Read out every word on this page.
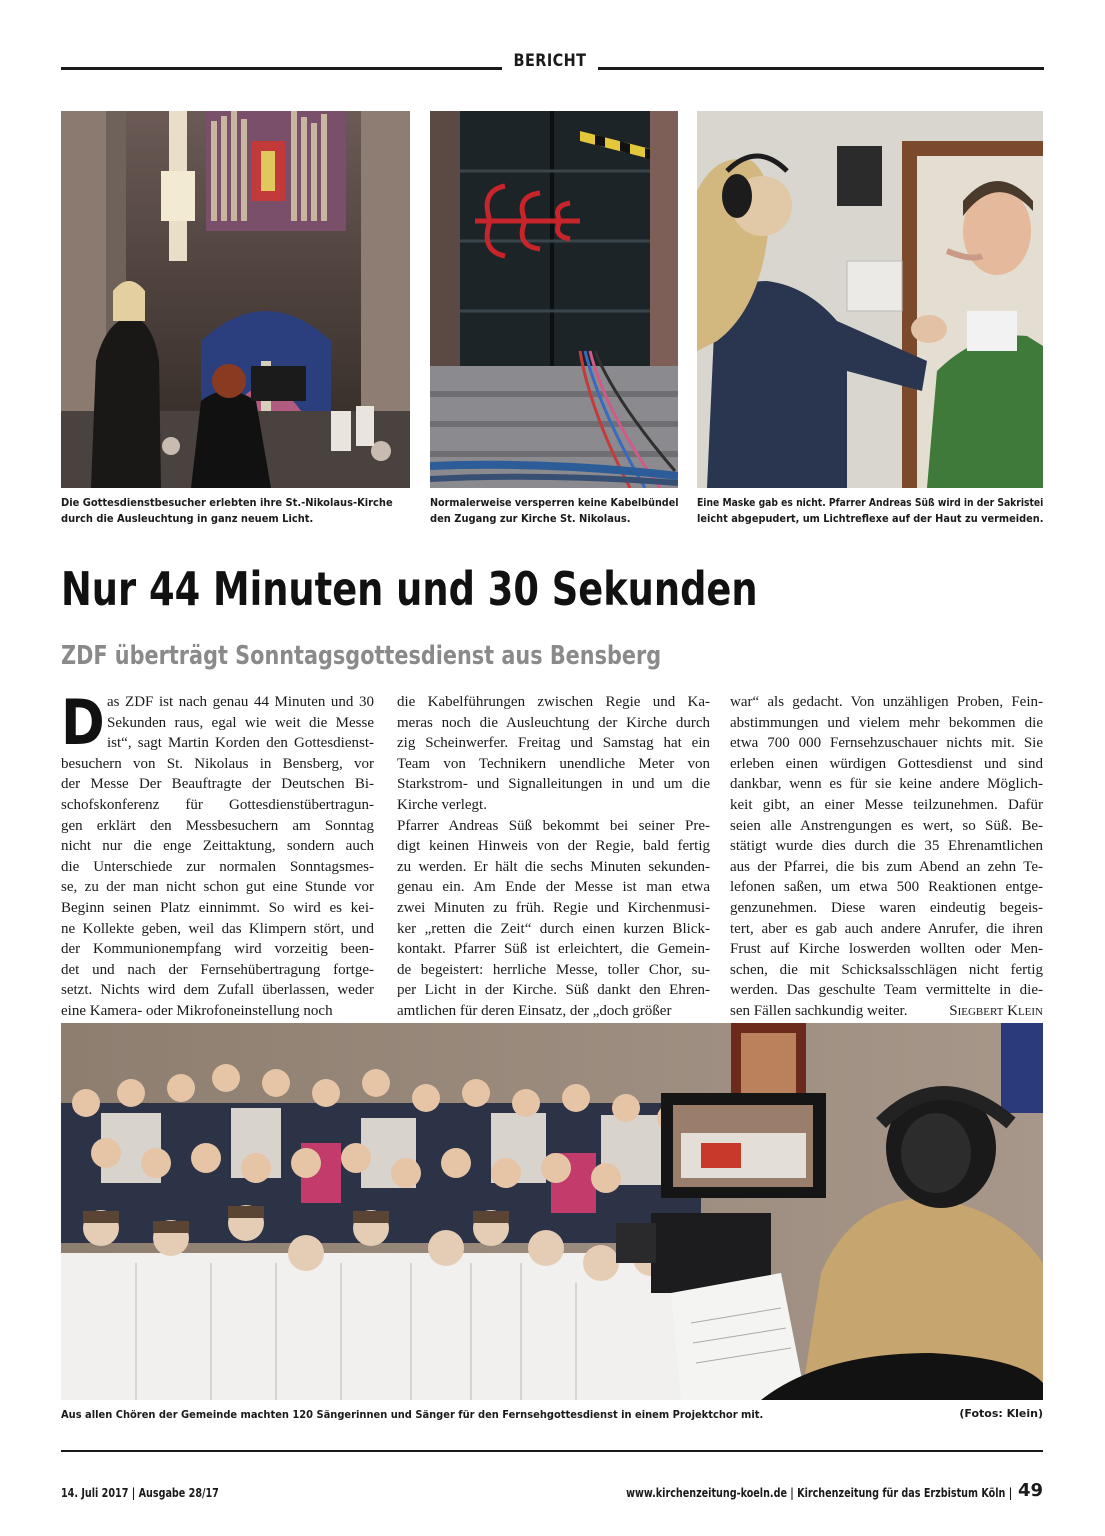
BERICHT
Die Gottesdienstbesucher erlebten ihre St.-Nikolaus-Kirche
durch die Ausleuchtung in ganz neuem Licht.
Normalerweise versperren keine Kabelbündel
den Zugang zur Kirche St. Nikolaus.
Eine Maske gab es nicht. Pfarrer Andreas Süß wird in der Sakristei
leicht abgepudert, um Lichtreflexe auf der Haut zu vermeiden.
Nur 44 Minuten und 30 Sekunden
ZDF überträgt Sonntagsgottesdienst aus Bensberg
D as ZDF ist nach genau 44 Minuten und 30
Sekunden raus, egal wie weit die Messe
ist“, sagt Martin Korden den Gottesdienst-
besuchern von St. Nikolaus in Bensberg, vor
der Messe Der Beauftragte der Deutschen Bi-
schofskonferenz für Gottesdienstübertragun-
gen erklärt den Messbesuchern am Sonntag
nicht nur die enge Zeittaktung, sondern auch
die Unterschiede zur normalen Sonntagsmes-
se, zu der man nicht schon gut eine Stunde vor
Beginn seinen Platz einnimmt. So wird es kei-
ne Kollekte geben, weil das Klimpern stört, und
der Kommunionempfang wird vorzeitig been-
det und nach der Fernsehübertragung fortge-
setzt. Nichts wird dem Zufall überlassen, weder
eine Kamera- oder Mikrofoneinstellung noch
die Kabelführungen zwischen Regie und Ka-
meras noch die Ausleuchtung der Kirche durch
zig Scheinwerfer. Freitag und Samstag hat ein
Team von Technikern unendliche Meter von
Starkstrom- und Signalleitungen in und um die
Kirche verlegt.
Pfarrer Andreas Süß bekommt bei seiner Pre-
digt keinen Hinweis von der Regie, bald fertig
zu werden. Er hält die sechs Minuten sekunden-
genau ein. Am Ende der Messe ist man etwa
zwei Minuten zu früh. Regie und Kirchenmusi-
ker „retten die Zeit“ durch einen kurzen Blick-
kontakt. Pfarrer Süß ist erleichtert, die Gemein-
de begeistert: herrliche Messe, toller Chor, su-
per Licht in der Kirche. Süß dankt den Ehren-
amtlichen für deren Einsatz, der „doch größer
war“ als gedacht. Von unzähligen Proben, Fein-
abstimmungen und vielem mehr bekommen die
etwa 700 000 Fernsehzuschauer nichts mit. Sie
erleben einen würdigen Gottesdienst und sind
dankbar, wenn es für sie keine andere Möglich-
keit gibt, an einer Messe teilzunehmen. Dafür
seien alle Anstrengungen es wert, so Süß. Be-
stätigt wurde dies durch die 35 Ehrenamtlichen
aus der Pfarrei, die bis zum Abend an zehn Te-
lefonen saßen, um etwa 500 Reaktionen entge-
genzunehmen. Diese waren eindeutig begeis-
tert, aber es gab auch andere Anrufer, die ihren
Frust auf Kirche loswerden wollten oder Men-
schen, die mit Schicksalsschlägen nicht fertig
werden. Das geschulte Team vermittelte in die-
sen Fällen sachkundig weiter.	Siegbert Klein
Aus allen Chören der Gemeinde machten 120 Sängerinnen und Sänger für den Fernsehgottesdienst in einem Projektchor mit.	(Fotos: Klein)
14. Juli 2017 | Ausgabe 28/17	www.kirchenzeitung-koeln.de | Kirchenzeitung für das Erzbistum Köln | 49
